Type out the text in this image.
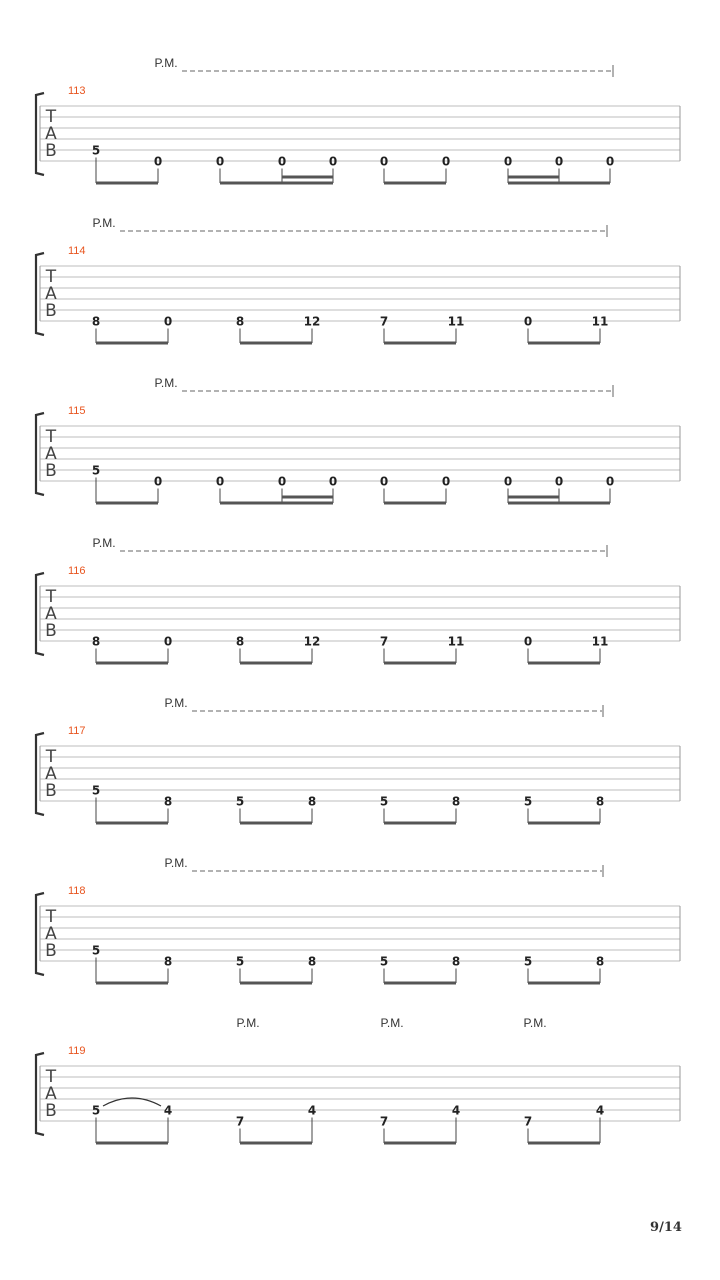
T
A
B
113
P.M.
5
0	0	0	0	0	0	0	0	0
T
A
B
114
P.M.
8	0	8	12	7	11	0	11
T
A
B
115
P.M.
5
0	0	0	0	0	0	0	0	0
T
A
B
116
P.M.
8	0	8	12	7	11	0	11
T
A
B
117
P.M.
5
8	5	8	5	8	5	8
T
A
B
118
P.M.
5
8	5	8	5	8	5	8
T
A
B
119
P.M.	P.M.	P.M.
5	4
7
4
7
4
7
4
9/14
